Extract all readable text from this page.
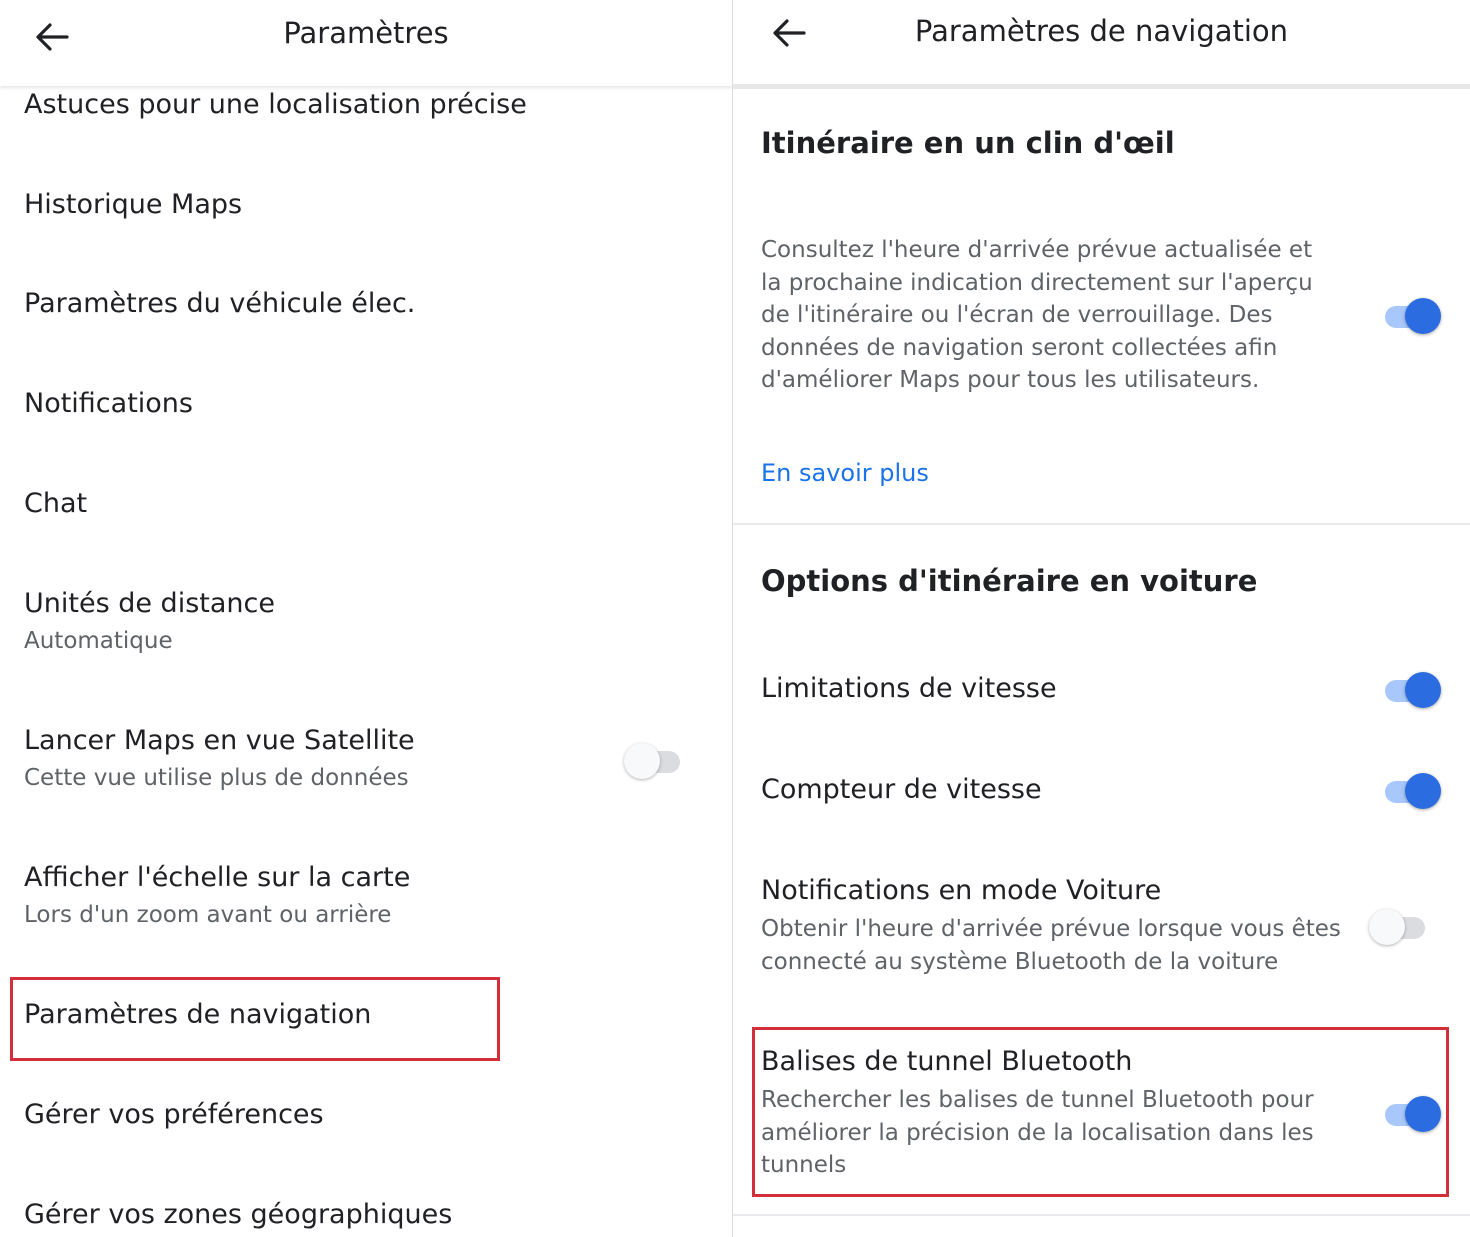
Paramètres
Astuces pour une localisation précise
Historique Maps
Paramètres du véhicule élec.
Notifications
Chat
Unités de distance
Automatique
Lancer Maps en vue Satellite
Cette vue utilise plus de données
Afficher l'échelle sur la carte
Lors d'un zoom avant ou arrière
Paramètres de navigation
Gérer vos préférences
Gérer vos zones géographiques
Paramètres de navigation
Itinéraire en un clin d'œil
Consultez l'heure d'arrivée prévue actualisée et la prochaine indication directement sur l'aperçu de l'itinéraire ou l'écran de verrouillage. Des données de navigation seront collectées afin d'améliorer Maps pour tous les utilisateurs.
En savoir plus
Options d'itinéraire en voiture
Limitations de vitesse
Compteur de vitesse
Notifications en mode Voiture
Obtenir l'heure d'arrivée prévue lorsque vous êtes connecté au système Bluetooth de la voiture
Balises de tunnel Bluetooth
Rechercher les balises de tunnel Bluetooth pour améliorer la précision de la localisation dans les tunnels
